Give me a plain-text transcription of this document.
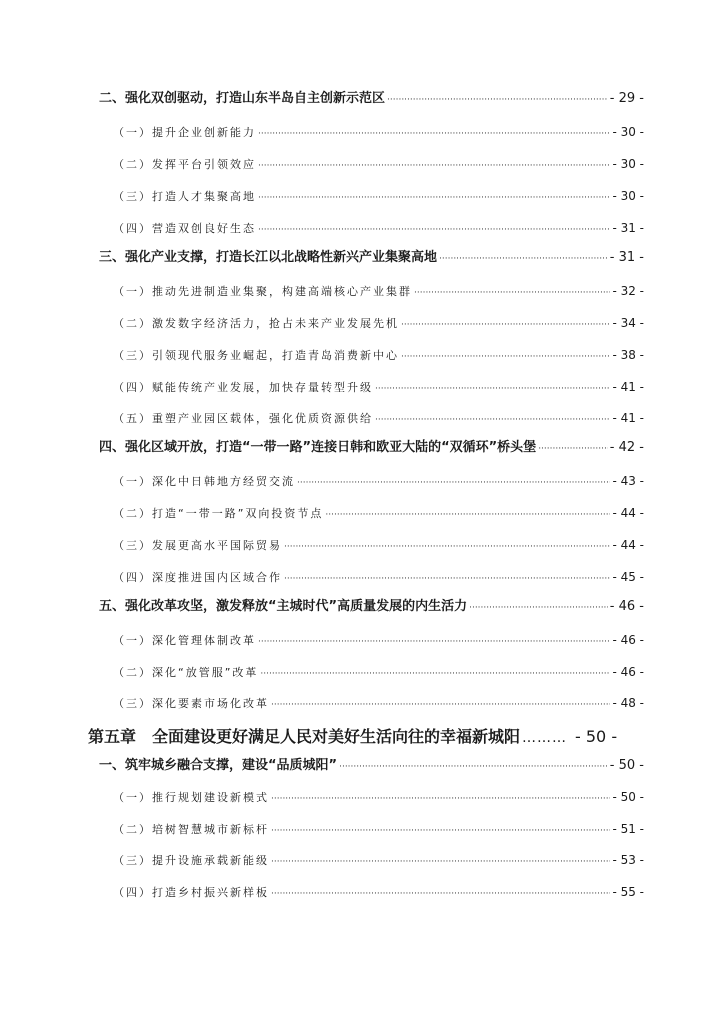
二、强化双创驱动，打造山东半岛自主创新示范区 ·····	- 29 -
（一）提升企业创新能力 ·····	- 30 -
（二）发挥平台引领效应 ·····	- 30 -
（三）打造人才集聚高地 ·····	- 30 -
（四）营造双创良好生态 ·····	- 31 -
三、强化产业支撑，打造长江以北战略性新兴产业集聚高地 ·····	- 31 -
（一）推动先进制造业集聚，构建高端核心产业集群 ·····	- 32 -
（二）激发数字经济活力，抢占未来产业发展先机 ·····	- 34 -
（三）引领现代服务业崛起，打造青岛消费新中心 ·····	- 38 -
（四）赋能传统产业发展，加快存量转型升级 ·····	- 41 -
（五）重塑产业园区载体，强化优质资源供给 ·····	- 41 -
四、强化区域开放，打造“一带一路”连接日韩和欧亚大陆的“双循环”桥头堡 ·····	- 42 -
（一）深化中日韩地方经贸交流 ·····	- 43 -
（二）打造“一带一路”双向投资节点 ·····	- 44 -
（三）发展更高水平国际贸易 ·····	- 44 -
（四）深度推进国内区域合作 ·····	- 45 -
五、强化改革攻坚，激发释放“主城时代”高质量发展的内生活力 ·····	- 46 -
（一）深化管理体制改革 ·····	- 46 -
（二）深化“放管服”改革 ·····	- 46 -
（三）深化要素市场化改革 ·····	- 48 -
第五章　全面建设更好满足人民对美好生活向往的幸福新城阳 ……… - 50 -
一、筑牢城乡融合支撑，建设“品质城阳” ·····	- 50 -
（一）推行规划建设新模式 ·····	- 50 -
（二）培树智慧城市新标杆 ·····	- 51 -
（三）提升设施承载新能级 ·····	- 53 -
（四）打造乡村振兴新样板 ·····	- 55 -
